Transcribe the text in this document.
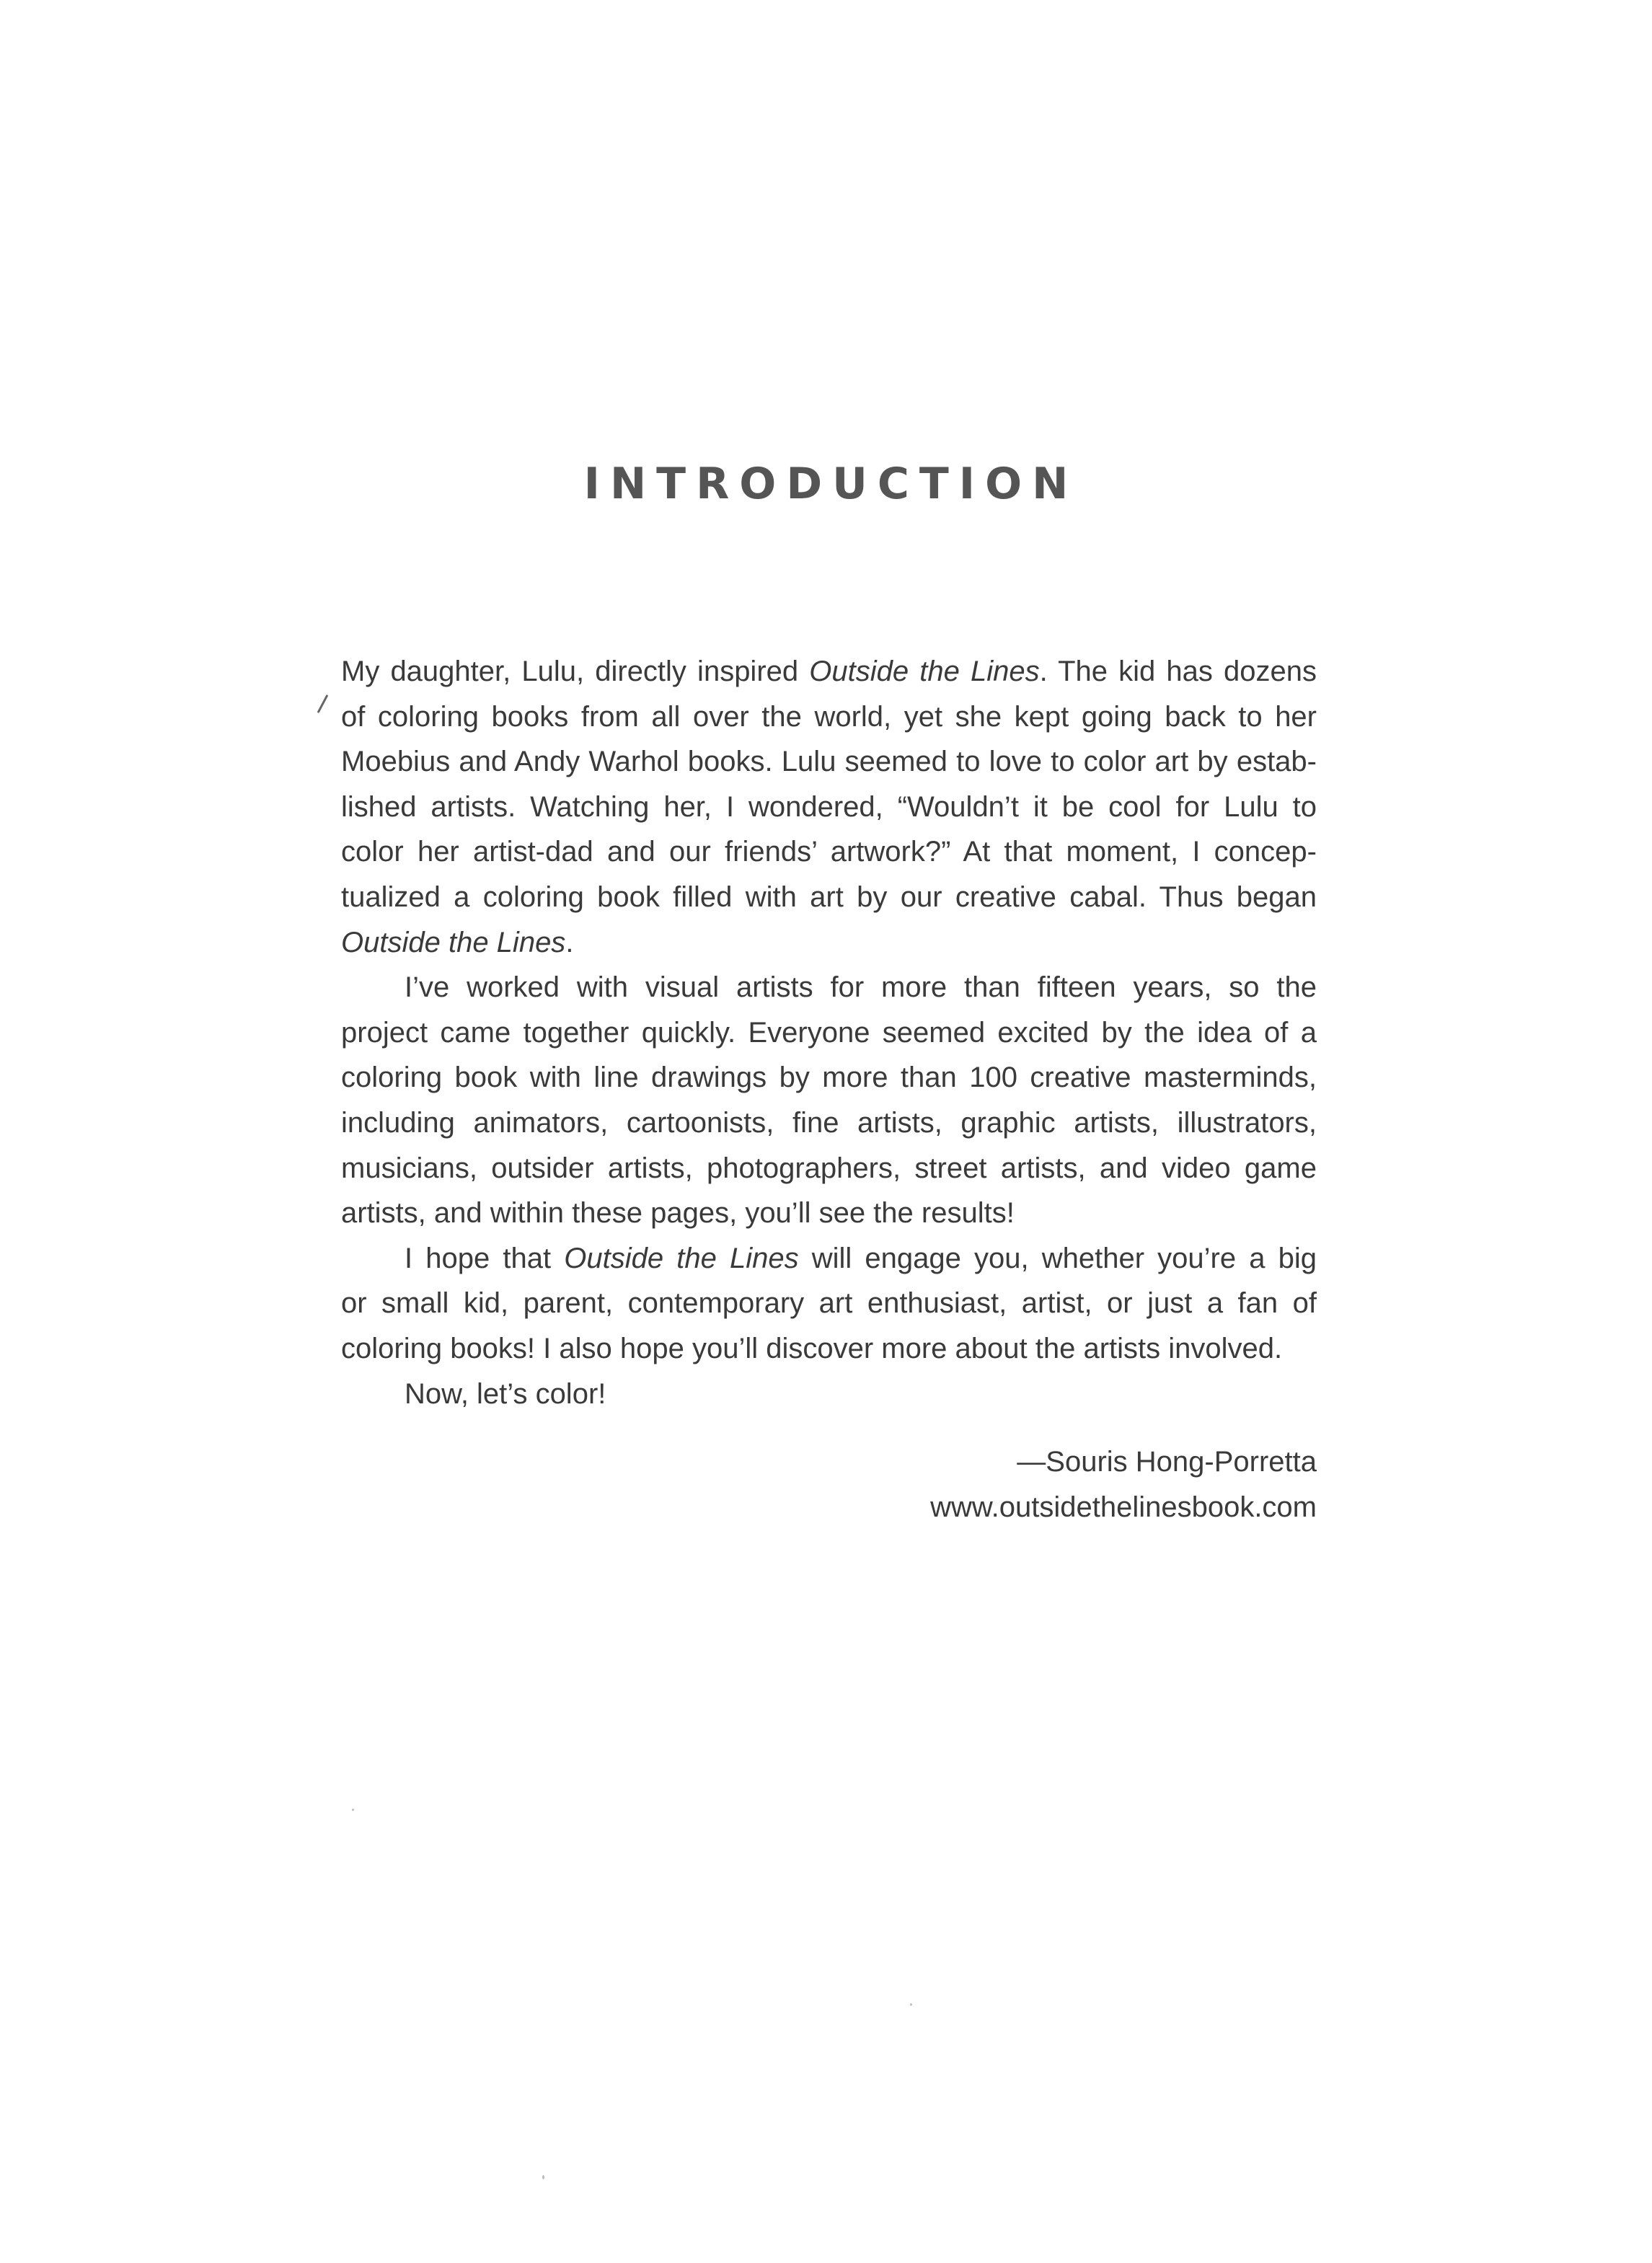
INTRODUCTION

My daughter, Lulu, directly inspired Outside the Lines. The kid has dozens
of coloring books from all over the world, yet she kept going back to her
Moebius and Andy Warhol books. Lulu seemed to love to color art by estab-
lished artists. Watching her, I wondered, “Wouldn’t it be cool for Lulu to
color her artist-dad and our friends’ artwork?” At that moment, I concep-
tualized a coloring book filled with art by our creative cabal. Thus began
Outside the Lines.

I’ve worked with visual artists for more than fifteen years, so the
project came together quickly. Everyone seemed excited by the idea of a
coloring book with line drawings by more than 100 creative masterminds,
including animators, cartoonists, fine artists, graphic artists, illustrators,
musicians, outsider artists, photographers, street artists, and video game
artists, and within these pages, you’ll see the results!

I hope that Outside the Lines will engage you, whether you’re a big
or small kid, parent, contemporary art enthusiast, artist, or just a fan of
coloring books! I also hope you’ll discover more about the artists involved.

Now, let’s color!

—Souris Hong-Porretta
www.outsidethelinesbook.com
